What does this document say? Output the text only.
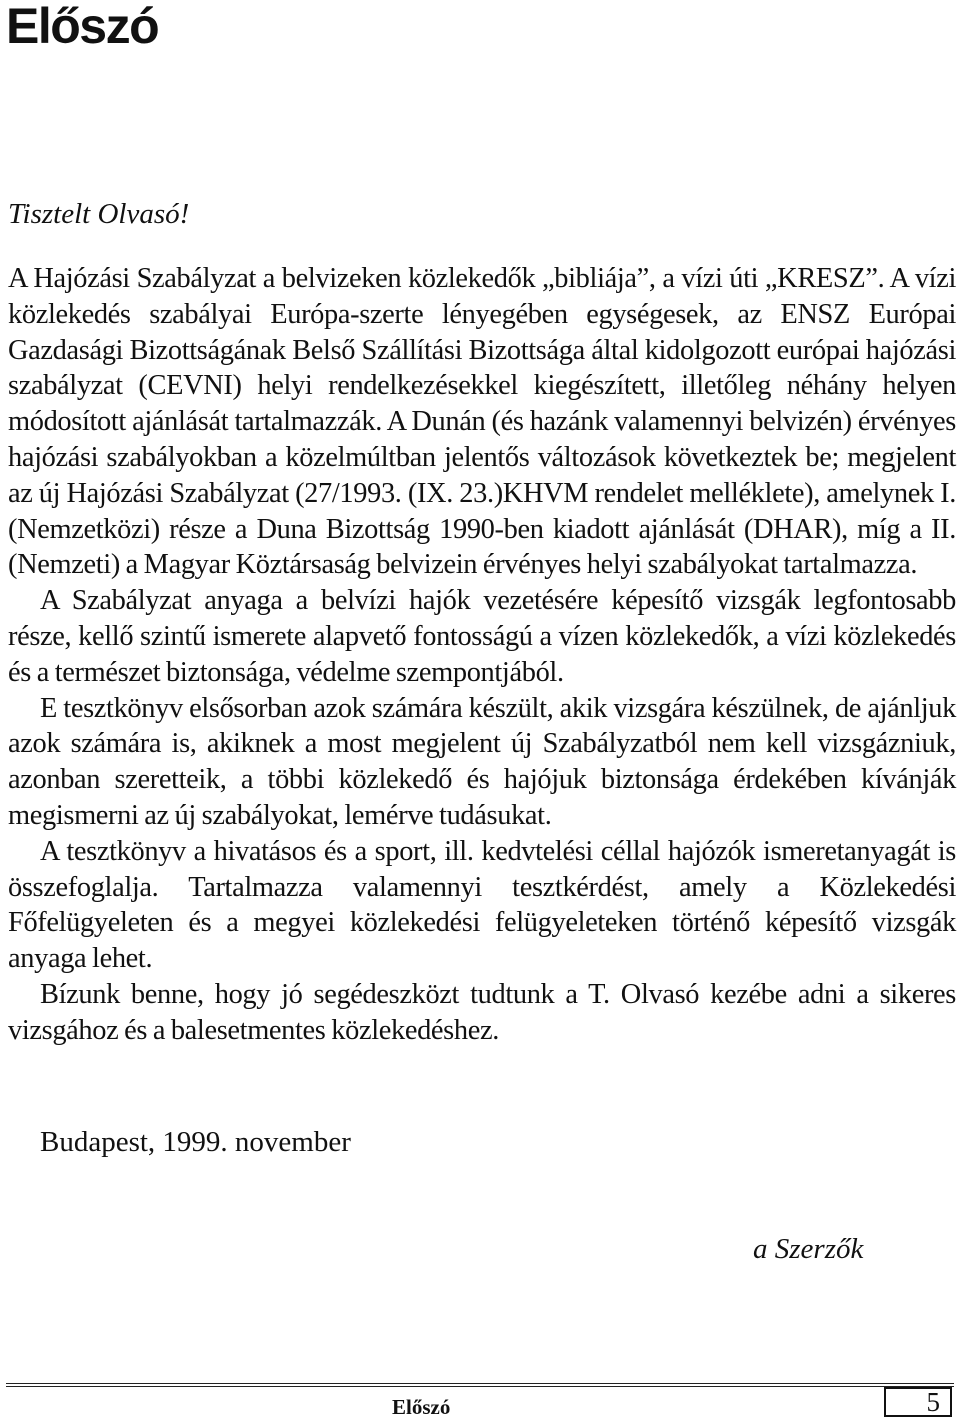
Előszó
Tisztelt Olvasó!

A Hajózási Szabályzat a belvizeken közlekedők „bibliája”, a vízi úti „KRESZ”. A vízi közlekedés szabályai Európa-szerte lényegében egységesek, az ENSZ Európai Gazdasági Bizottságának Belső Szállítási Bizottsága által kidolgozott európai hajózási szabályzat (CEVNI) helyi rendelkezésekkel kiegészített, illetőleg néhány helyen módosított ajánlását tartalmazzák. A Dunán (és hazánk valamennyi belvizén) érvényes hajózási szabályokban a közelmúltban jelentős változások következtek be; megjelent az új Hajózási Szabályzat (27/1993. (IX. 23.)KHVM rendelet melléklete), amelynek I. (Nemzetközi) része a Duna Bizottság 1990-ben kiadott ajánlását (DHAR), míg a II. (Nemzeti) a Magyar Köztársaság belvizein érvényes helyi szabályokat tartalmazza.

A Szabályzat anyaga a belvízi hajók vezetésére képesítő vizsgák legfontosabb része, kellő szintű ismerete alapvető fontosságú a vízen közlekedők, a vízi közlekedés és a természet biztonsága, védelme szempontjából.

E tesztkönyv elsősorban azok számára készült, akik vizsgára készülnek, de ajánljuk azok számára is, akiknek a most megjelent új Szabályzatból nem kell vizsgázniuk, azonban szeretteik, a többi közlekedő és hajójuk biztonsága érdekében kívánják megismerni az új szabályokat, lemérve tudásukat.

A tesztkönyv a hivatásos és a sport, ill. kedvtelési céllal hajózók ismeretanyagát is összefoglalja. Tartalmazza valamennyi tesztkérdést, amely a Közlekedési Főfelügyeleten és a megyei közlekedési felügyeleteken történő képesítő vizsgák anyaga lehet.

Bízunk benne, hogy jó segédeszközt tudtunk a T. Olvasó kezébe adni a sikeres vizsgához és a balesetmentes közlekedéshez.

Budapest, 1999. november
a Szerzők
Előszó	5
